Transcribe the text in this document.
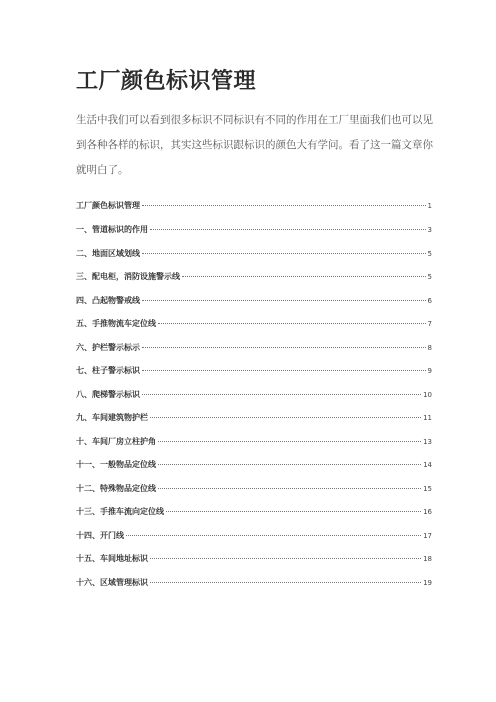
工厂颜色标识管理

生活中我们可以看到很多标识不同标识有不同的作用在工厂里面我们也可以见到各种各样的标识，其实这些标识跟标识的颜色大有学问。看了这一篇文章你就明白了。

工厂颜色标识管理	1
一、管道标识的作用	3
二、地面区域划线	5
三、配电柜，消防设施警示线	5
四、凸起物警戒线	6
五、手推物流车定位线	7
六、护栏警示标示	8
七、柱子警示标识	9
八、爬梯警示标识	10
九、车间建筑物护栏	11
十、车间厂房立柱护角	13
十一、一般物品定位线	14
十二、特殊物品定位线	15
十三、手推车流向定位线	16
十四、开门线	17
十五、车间地址标识	18
十六、区域管理标识	19
